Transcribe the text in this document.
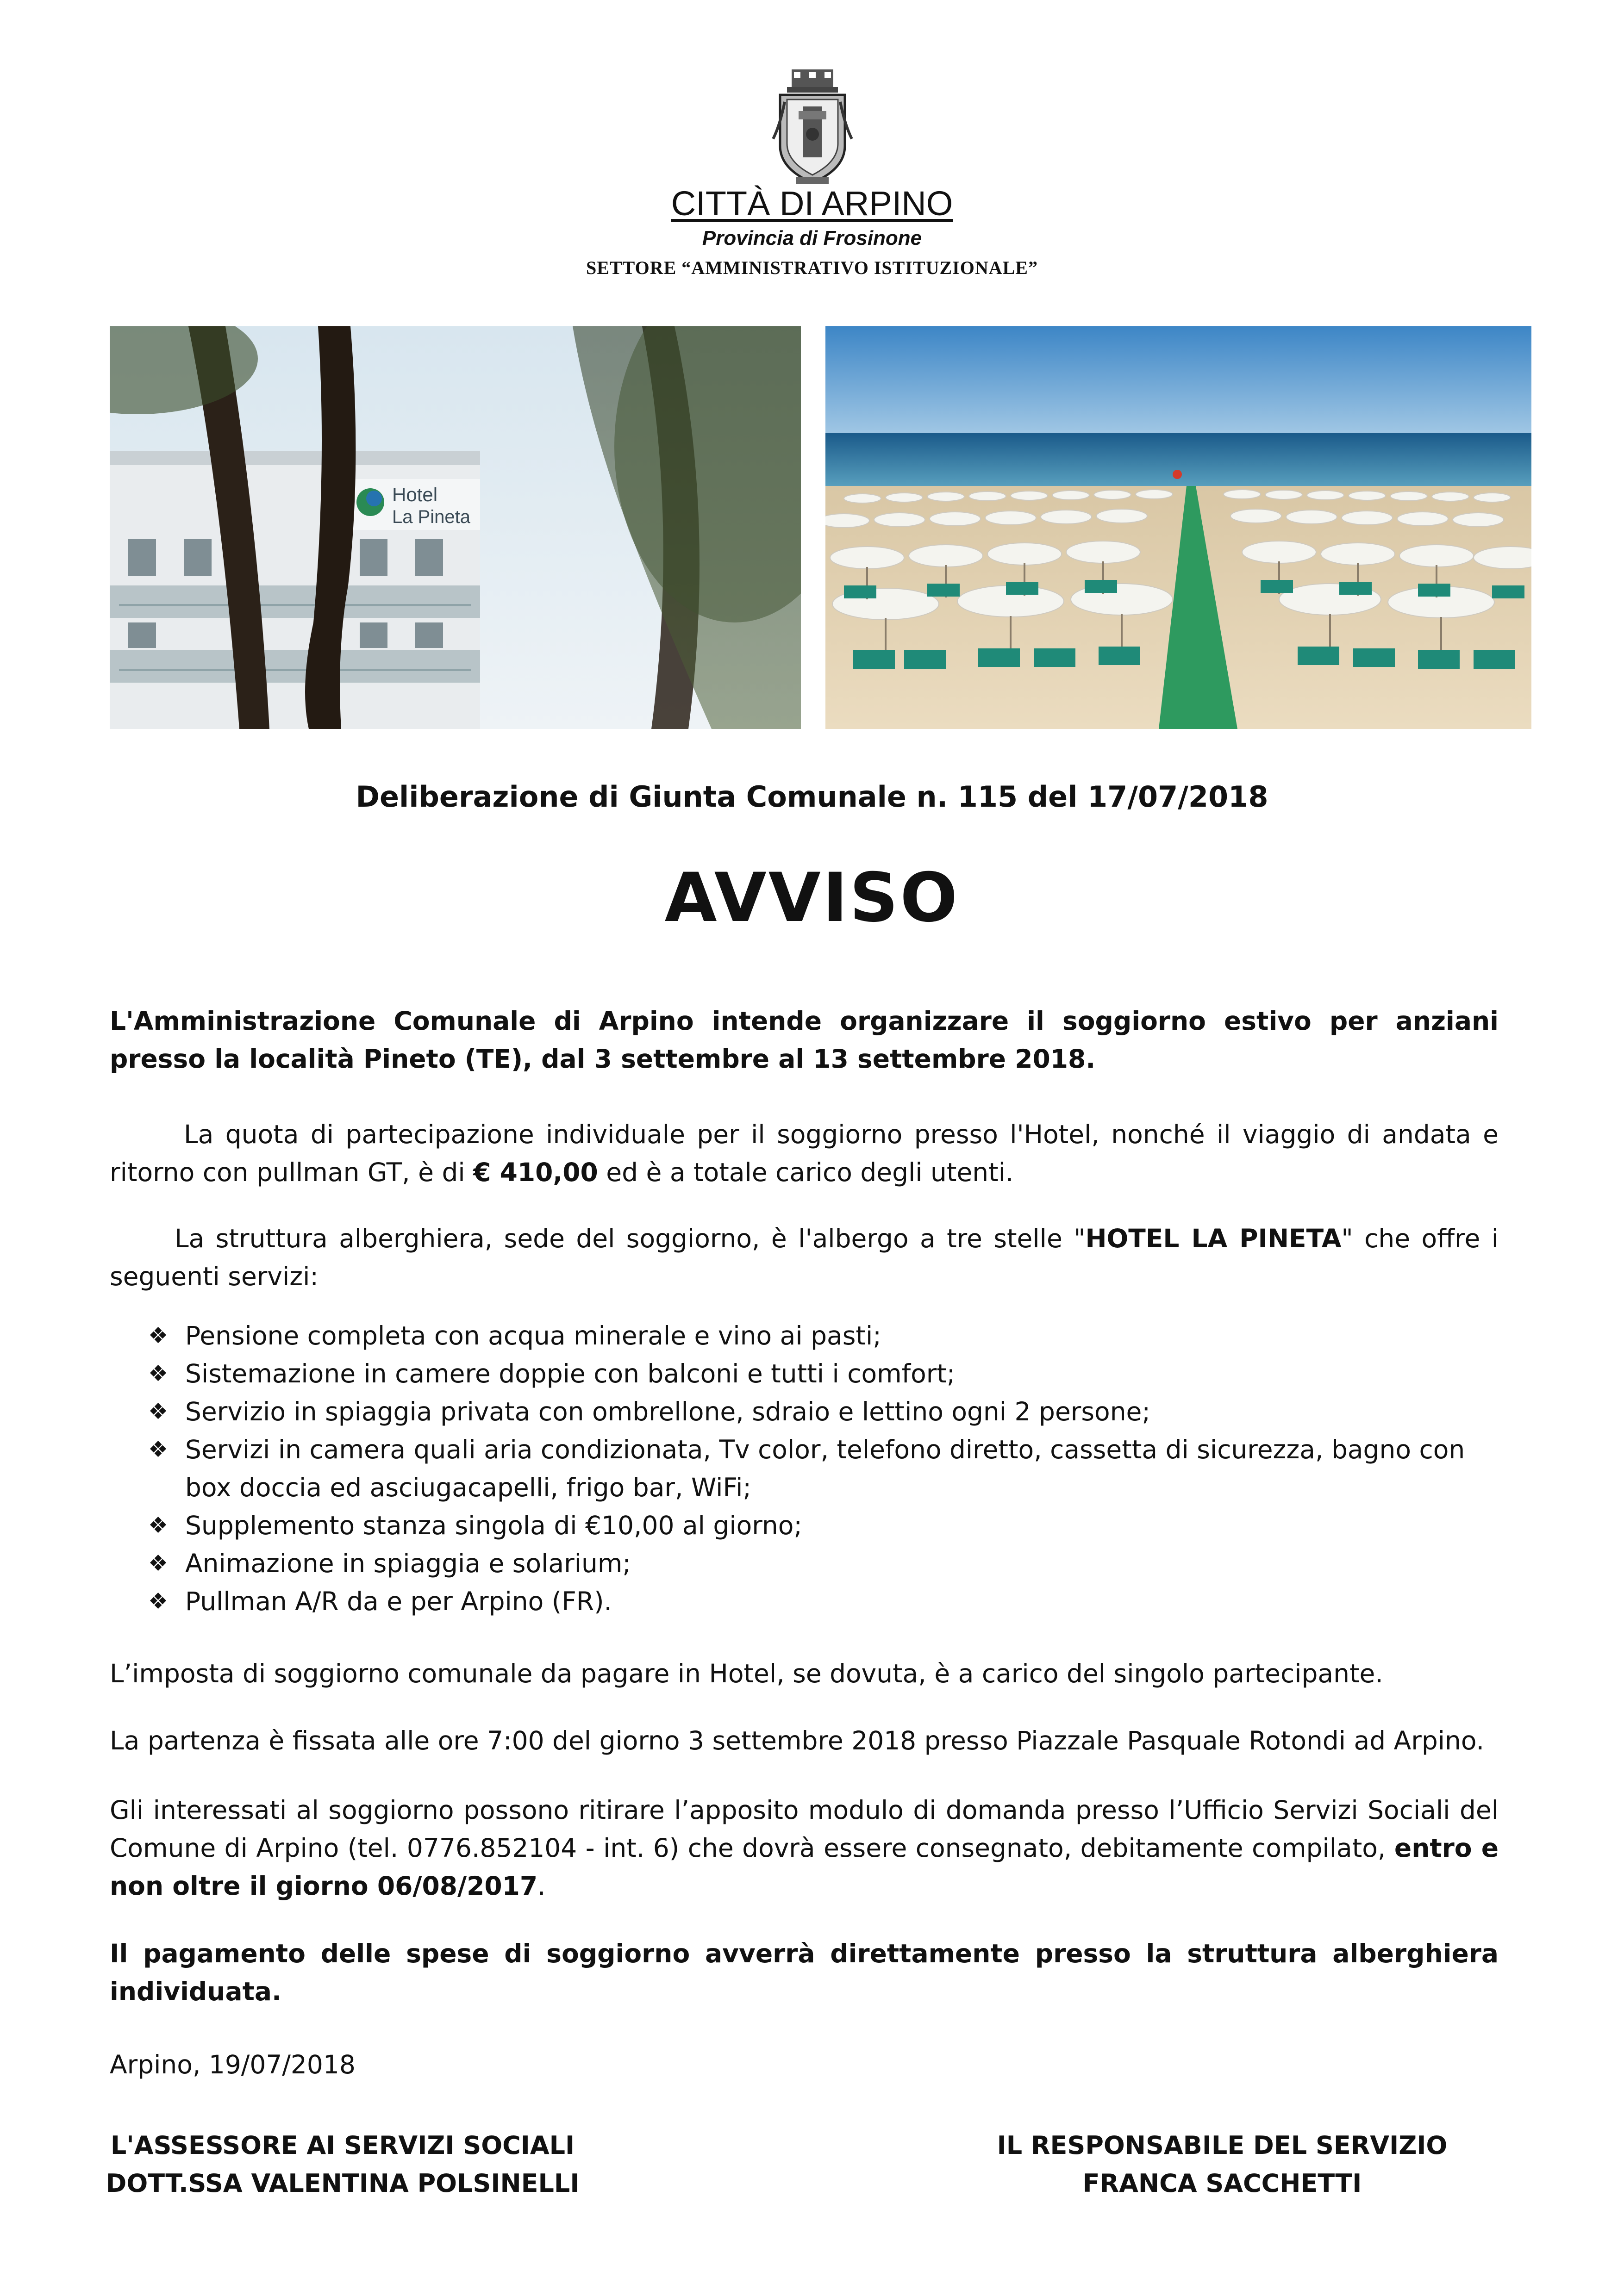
CITTÀ DI ARPINO
Provincia di Frosinone
SETTORE “AMMINISTRATIVO ISTITUZIONALE”
Hotel
La Pineta
Deliberazione di Giunta Comunale n. 115 del 17/07/2018
AVVISO
L'Amministrazione Comunale di Arpino intende organizzare il soggiorno estivo per anziani presso la località Pineto (TE), dal 3 settembre al 13 settembre 2018.
La quota di partecipazione individuale per il soggiorno presso l'Hotel, nonché il viaggio di andata e ritorno con pullman GT, è di € 410,00 ed è a totale carico degli utenti.
La struttura alberghiera, sede del soggiorno, è l'albergo a tre stelle "HOTEL LA PINETA" che offre i seguenti servizi:
❖ Pensione completa con acqua minerale e vino ai pasti;
❖ Sistemazione in camere doppie con balconi e tutti i comfort;
❖ Servizio in spiaggia privata con ombrellone, sdraio e lettino ogni 2 persone;
❖ Servizi in camera quali aria condizionata, Tv color, telefono diretto, cassetta di sicurezza, bagno con box doccia ed asciugacapelli, frigo bar, WiFi;
❖ Supplemento stanza singola di €10,00 al giorno;
❖ Animazione in spiaggia e solarium;
❖ Pullman A/R da e per Arpino (FR).
L’imposta di soggiorno comunale da pagare in Hotel, se dovuta, è a carico del singolo partecipante.
La partenza è fissata alle ore 7:00 del giorno 3 settembre 2018 presso Piazzale Pasquale Rotondi ad Arpino.
Gli interessati al soggiorno possono ritirare l’apposito modulo di domanda presso l’Ufficio Servizi Sociali del Comune di Arpino (tel. 0776.852104 - int. 6) che dovrà essere consegnato, debitamente compilato, entro e non oltre il giorno 06/08/2017.
Il pagamento delle spese di soggiorno avverrà direttamente presso la struttura alberghiera individuata.
Arpino, 19/07/2018
L'ASSESSORE AI SERVIZI SOCIALI
DOTT.SSA VALENTINA POLSINELLI
IL RESPONSABILE DEL SERVIZIO
FRANCA SACCHETTI
